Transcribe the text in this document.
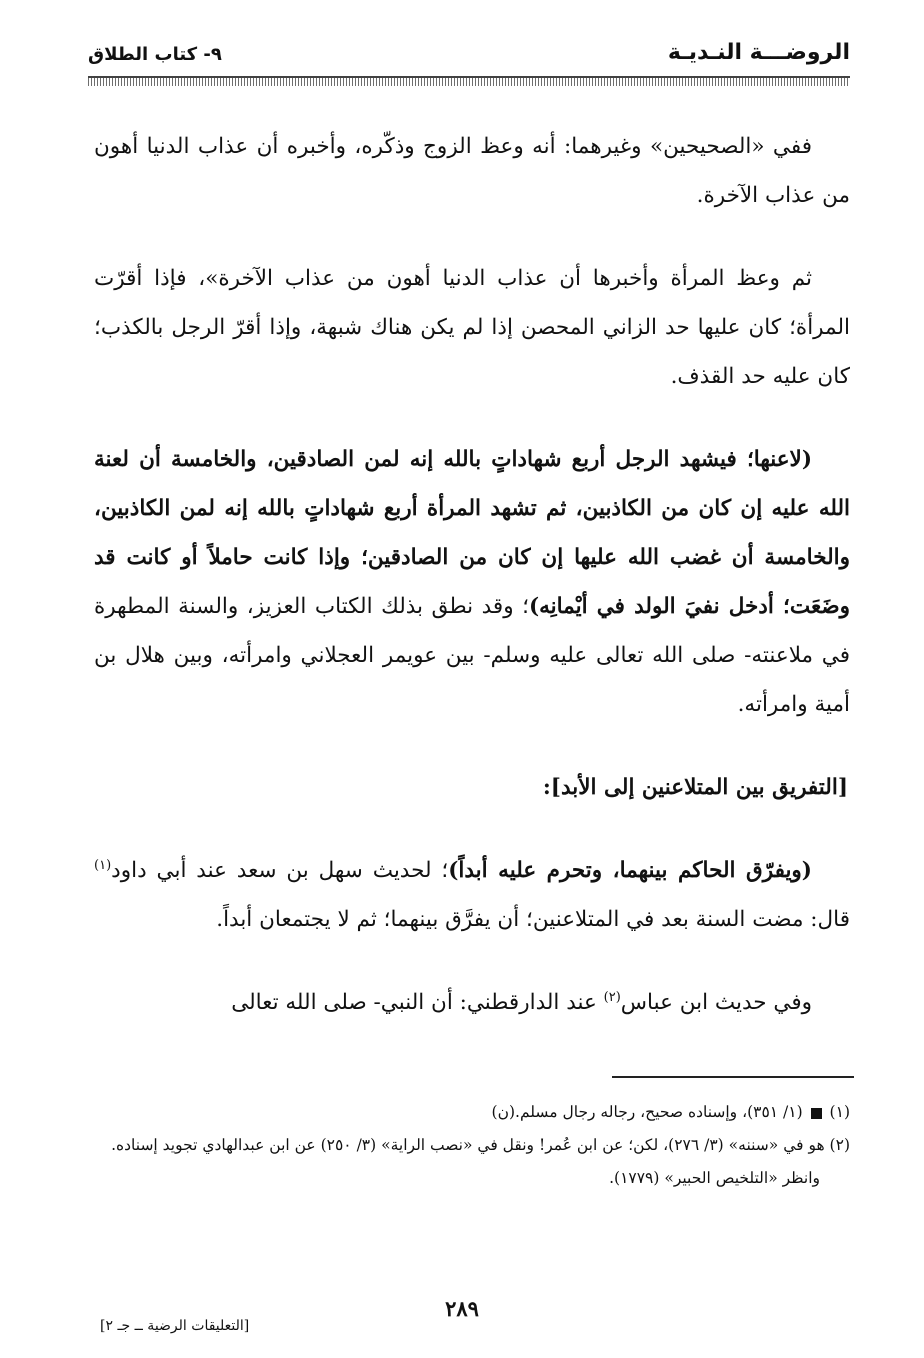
الروضـــة النـديـة
٩- كتاب الطلاق

ففي «الصحيحين» وغيرهما: أنه وعظ الزوج وذكّره، وأخبره أن عذاب الدنيا أهون من عذاب الآخرة.

ثم وعظ المرأة وأخبرها أن عذاب الدنيا أهون من عذاب الآخرة»، فإذا أقرّت المرأة؛ كان عليها حد الزاني المحصن إذا لم يكن هناك شبهة، وإذا أقرّ الرجل بالكذب؛ كان عليه حد القذف.

(لاعنها؛ فيشهد الرجل أربع شهاداتٍ بالله إنه لمن الصادقين، والخامسة أن لعنة الله عليه إن كان من الكاذبين، ثم تشهد المرأة أربع شهاداتٍ بالله إنه لمن الكاذبين، والخامسة أن غضب الله عليها إن كان من الصادقين؛ وإذا كانت حاملاً أو كانت قد وضَعَت؛ أدخل نفيَ الولد في أيْمانِه)؛ وقد نطق بذلك الكتاب العزيز، والسنة المطهرة في ملاعنته- صلى الله تعالى عليه وسلم- بين عويمر العجلاني وامرأته، وبين هلال بن أمية وامرأته.

[التفريق بين المتلاعنين إلى الأبد]:

(ويفرّق الحاكم بينهما، وتحرم عليه أبداً)؛ لحديث سهل بن سعد عند أبي داود$^{(١)}$ قال: مضت السنة بعد في المتلاعنين؛ أن يفرَّق بينهما؛ ثم لا يجتمعان أبداً.

وفي حديث ابن عباس$^{(٢)}$ عند الدارقطني: أن النبي- صلى الله تعالى

(١)  (١/ ٣٥١)، وإسناده صحيح، رجاله رجال مسلم.(ن)

(٢) هو في «سننه» (٣/ ٢٧٦)، لكن؛ عن ابن عُمر! ونقل في «نصب الراية» (٣/ ٢٥٠) عن ابن عبدالهادي تجويد إسناده.

وانظر «التلخيص الحبير» (١٧٧٩).

٢٨٩
[التعليقات الرضية ــ جـ ٢]
